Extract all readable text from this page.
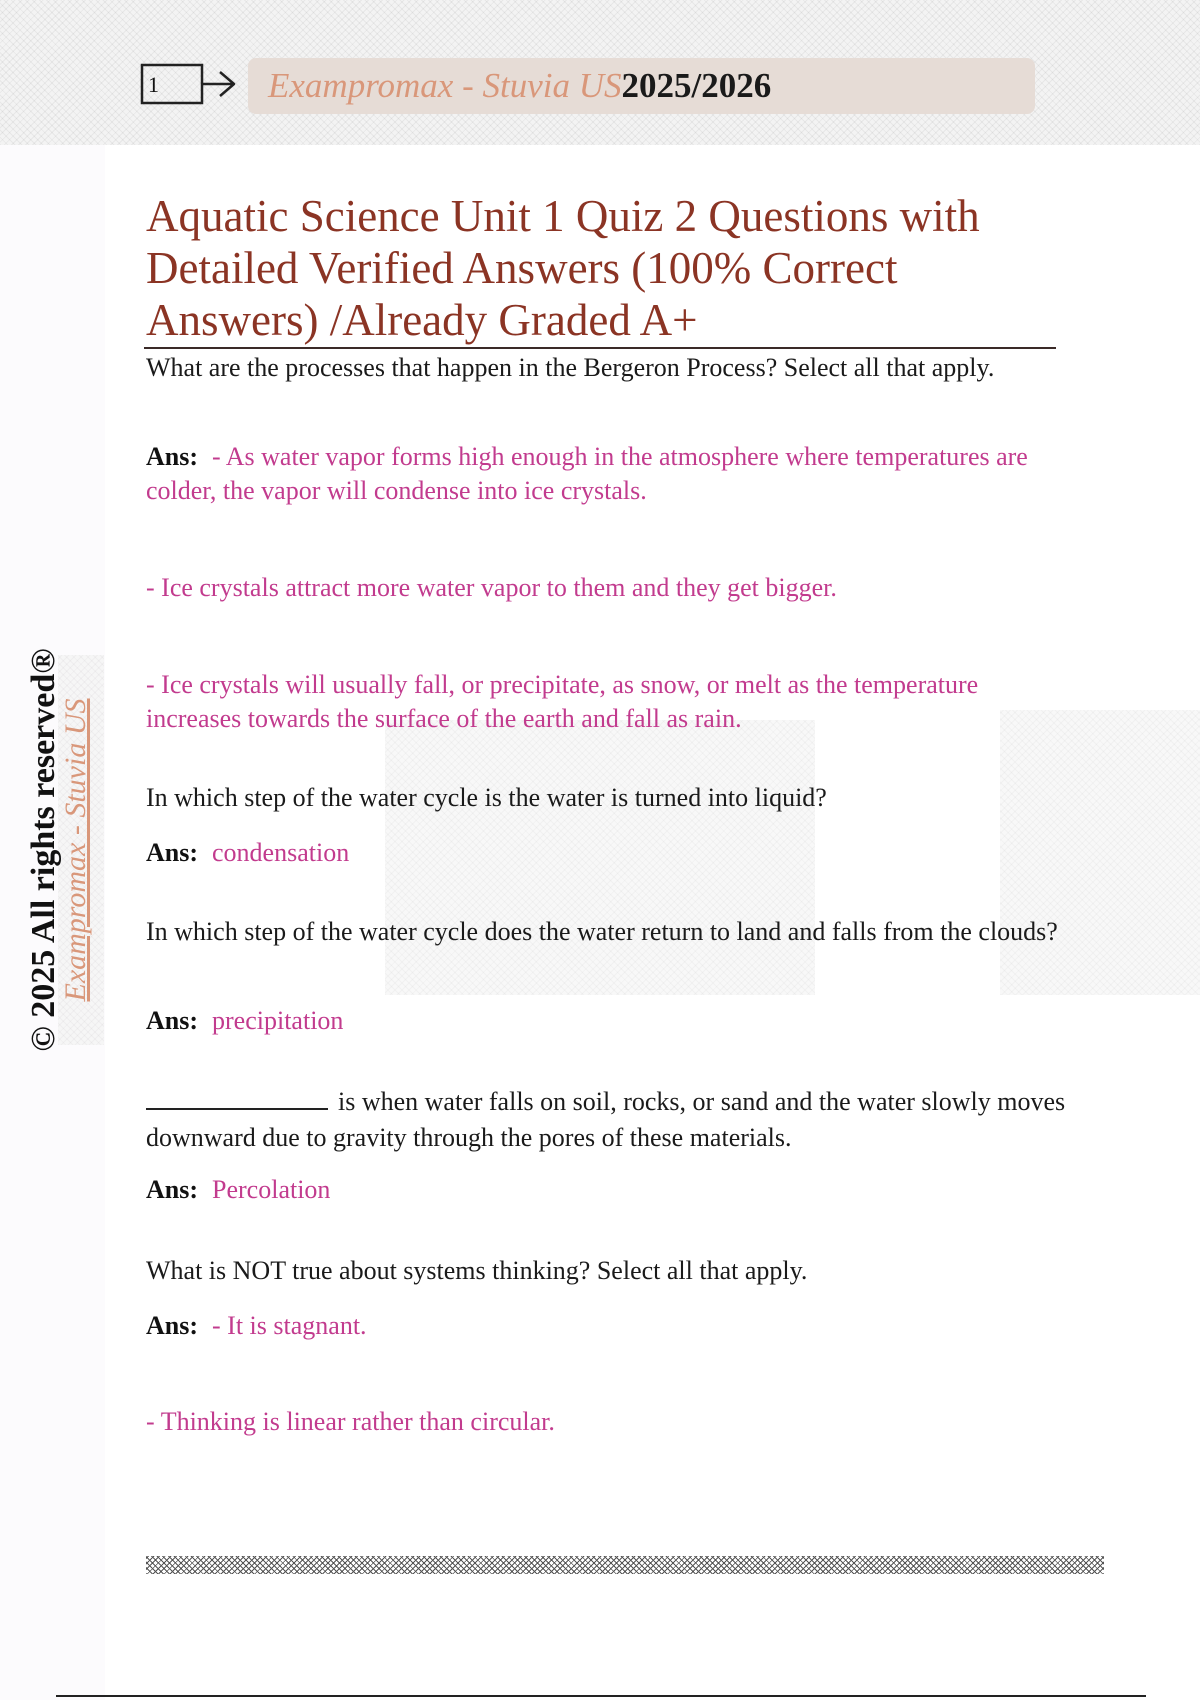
1	Exampromax - Stuvia US 2025/2026
© 2025 All rights reserved®
Exampromax - Stuvia US
Aquatic Science Unit 1 Quiz 2 Questions with Detailed Verified Answers (100% Correct Answers) /Already Graded A+
What are the processes that happen in the Bergeron Process? Select all that apply.
Ans: - As water vapor forms high enough in the atmosphere where temperatures are colder, the vapor will condense into ice crystals.
- Ice crystals attract more water vapor to them and they get bigger.
- Ice crystals will usually fall, or precipitate, as snow, or melt as the temperature increases towards the surface of the earth and fall as rain.
In which step of the water cycle is the water is turned into liquid?
Ans: condensation
In which step of the water cycle does the water return to land and falls from the clouds?
Ans: precipitation
is when water falls on soil, rocks, or sand and the water slowly moves downward due to gravity through the pores of these materials.
Ans: Percolation
What is NOT true about systems thinking? Select all that apply.
Ans: - It is stagnant.
- Thinking is linear rather than circular.
